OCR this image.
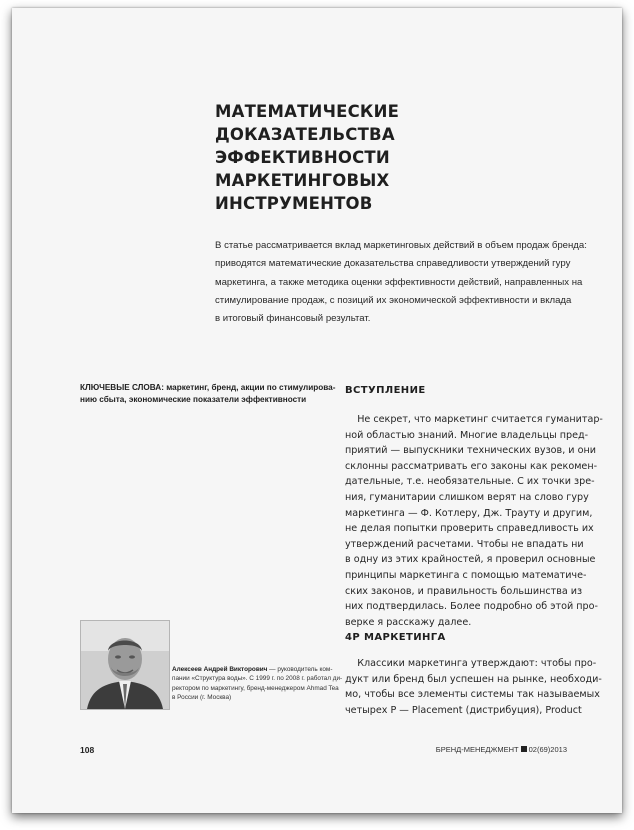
МАТЕМАТИЧЕСКИЕ ДОКАЗАТЕЛЬСТВА
ЭФФЕКТИВНОСТИ МАРКЕТИНГОВЫХ
ИНСТРУМЕНТОВ

В статье рассматривается вклад маркетинговых действий в объем продаж бренда:
приводятся математические доказательства справедливости утверждений гуру
маркетинга, а также методика оценки эффективности действий, направленных на
стимулирование продаж, с позиций их экономической эффективности и вклада
в итоговый финансовый результат.

КЛЮЧЕВЫЕ СЛОВА: маркетинг, бренд, акции по стимулирова-
нию сбыта, экономические показатели эффективности

ВСТУПЛЕНИЕ

Не секрет, что маркетинг считается гуманитар-
ной областью знаний. Многие владельцы пред-
приятий — выпускники технических вузов, и они
склонны рассматривать его законы как рекомен-
дательные, т.е. необязательные. С их точки зре-
ния, гуманитарии слишком верят на слово гуру
маркетинга — Ф. Котлеру, Дж. Трауту и другим,
не делая попытки проверить справедливость их
утверждений расчетами. Чтобы не впадать ни
в одну из этих крайностей, я проверил основные
принципы маркетинга с помощью математиче-
ских законов, и правильность большинства из
них подтвердилась. Более подробно об этой про-
верке я расскажу далее.

4P МАРКЕТИНГА

Классики маркетинга утверждают: чтобы про-
дукт или бренд был успешен на рынке, необходи-
мо, чтобы все элементы системы так называемых
четырех P — Placement (дистрибуция), Product

Алексеев Андрей Викторович — руководитель ком-
пании «Структура воды». С 1999 г. по 2008 г. работал ди-
ректором по маркетингу, бренд-менеджером Ahmad Tea
в России (г. Москва)

108	БРЕНД-МЕНЕДЖМЕНТ 02(69)2013
